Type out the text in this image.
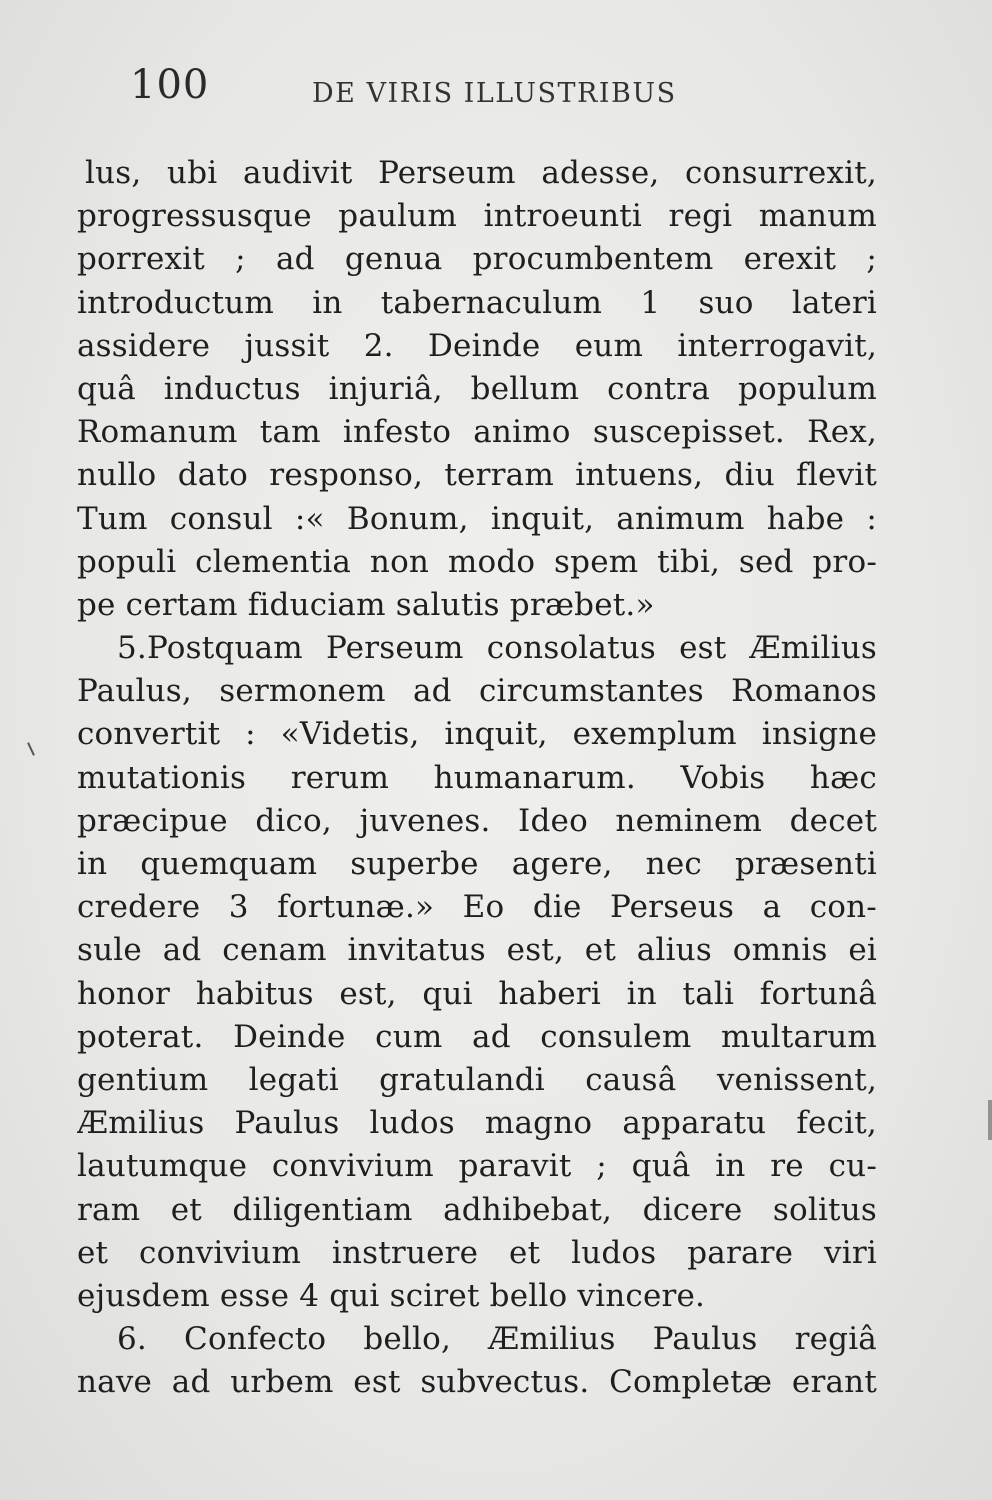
100	DE VIRIS ILLUSTRIBUS
lus, ubi audivit Perseum adesse, consurrexit,
progressusque paulum introeunti regi manum
porrexit ; ad genua procumbentem erexit ;
introductum in tabernaculum 1 suo lateri
assidere jussit 2. Deinde eum interrogavit,
quâ inductus injuriâ, bellum contra populum
Romanum tam infesto animo suscepisset. Rex,
nullo dato responso, terram intuens, diu flevit
Tum consul :« Bonum, inquit, animum habe :
populi clementia non modo spem tibi, sed pro-
pe certam fiduciam salutis præbet.»
5.Postquam Perseum consolatus est Æmilius
Paulus, sermonem ad circumstantes Romanos
convertit : «Videtis, inquit, exemplum insigne
mutationis rerum humanarum. Vobis hæc
præcipue dico, juvenes. Ideo neminem decet
in quemquam superbe agere, nec præsenti
credere 3 fortunæ.» Eo die Perseus a con-
sule ad cenam invitatus est, et alius omnis ei
honor habitus est, qui haberi in tali fortunâ
poterat. Deinde cum ad consulem multarum
gentium legati gratulandi causâ venissent,
Æmilius Paulus ludos magno apparatu fecit,
lautumque convivium paravit ; quâ in re cu-
ram et diligentiam adhibebat, dicere solitus
et convivium instruere et ludos parare viri
ejusdem esse 4 qui sciret bello vincere.
6. Confecto bello, Æmilius Paulus regiâ
nave ad urbem est subvectus. Completæ erant
